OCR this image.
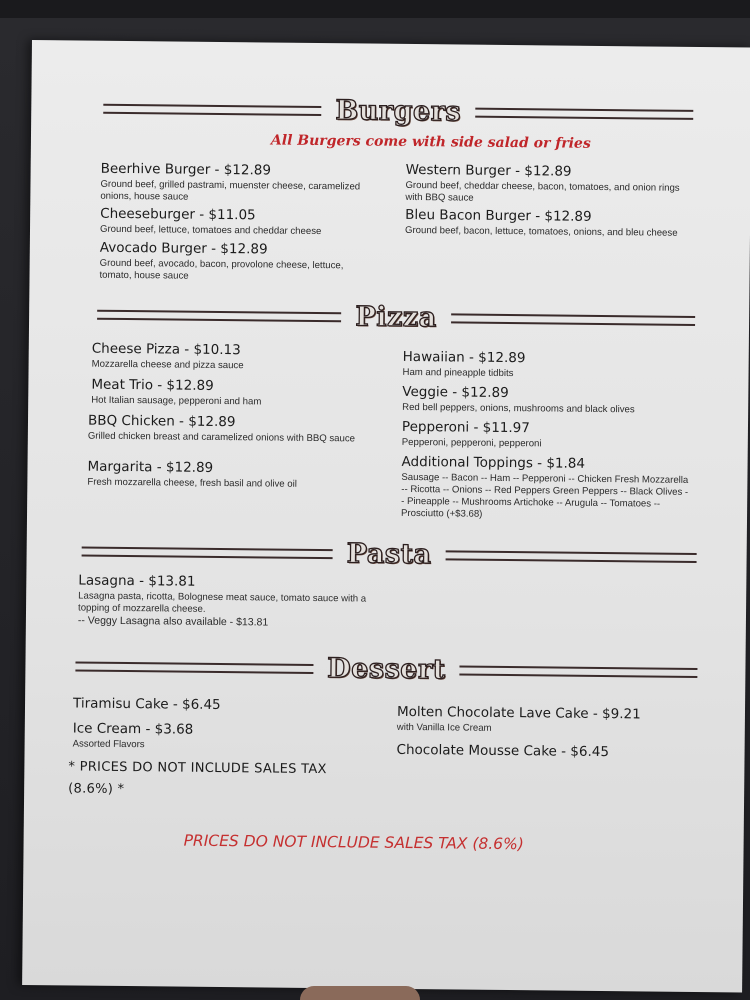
Burgers
All Burgers come with side salad or fries
Beerhive Burger - $12.89
Ground beef, grilled pastrami, muenster cheese, caramelized onions, house sauce
Cheeseburger - $11.05
Ground beef, lettuce, tomatoes and cheddar cheese
Avocado Burger - $12.89
Ground beef, avocado, bacon, provolone cheese, lettuce, tomato, house sauce
Western Burger - $12.89
Ground beef, cheddar cheese, bacon, tomatoes, and onion rings with BBQ sauce
Bleu Bacon Burger - $12.89
Ground beef, bacon, lettuce, tomatoes, onions, and bleu cheese
Pizza
Cheese Pizza - $10.13
Mozzarella cheese and pizza sauce
Meat Trio - $12.89
Hot Italian sausage, pepperoni and ham
BBQ Chicken - $12.89
Grilled chicken breast and caramelized onions with BBQ sauce
Margarita - $12.89
Fresh mozzarella cheese, fresh basil and olive oil
Hawaiian - $12.89
Ham and pineapple tidbits
Veggie - $12.89
Red bell peppers, onions, mushrooms and black olives
Pepperoni - $11.97
Pepperoni, pepperoni, pepperoni
Additional Toppings - $1.84
Sausage -- Bacon -- Ham -- Pepperoni -- Chicken Fresh Mozzarella -- Ricotta -- Onions -- Red Peppers Green Peppers -- Black Olives -- Pineapple -- Mushrooms Artichoke -- Arugula -- Tomatoes -- Prosciutto (+$3.68)
Pasta
Lasagna - $13.81
Lasagna pasta, ricotta, Bolognese meat sauce, tomato sauce with a topping of mozzarella cheese.
-- Veggy Lasagna also available - $13.81
Dessert
Tiramisu Cake - $6.45
Ice Cream - $3.68
Assorted Flavors
* PRICES DO NOT INCLUDE SALES TAX (8.6%) *
Molten Chocolate Lave Cake - $9.21
with Vanilla Ice Cream
Chocolate Mousse Cake - $6.45
PRICES DO NOT INCLUDE SALES TAX (8.6%)
